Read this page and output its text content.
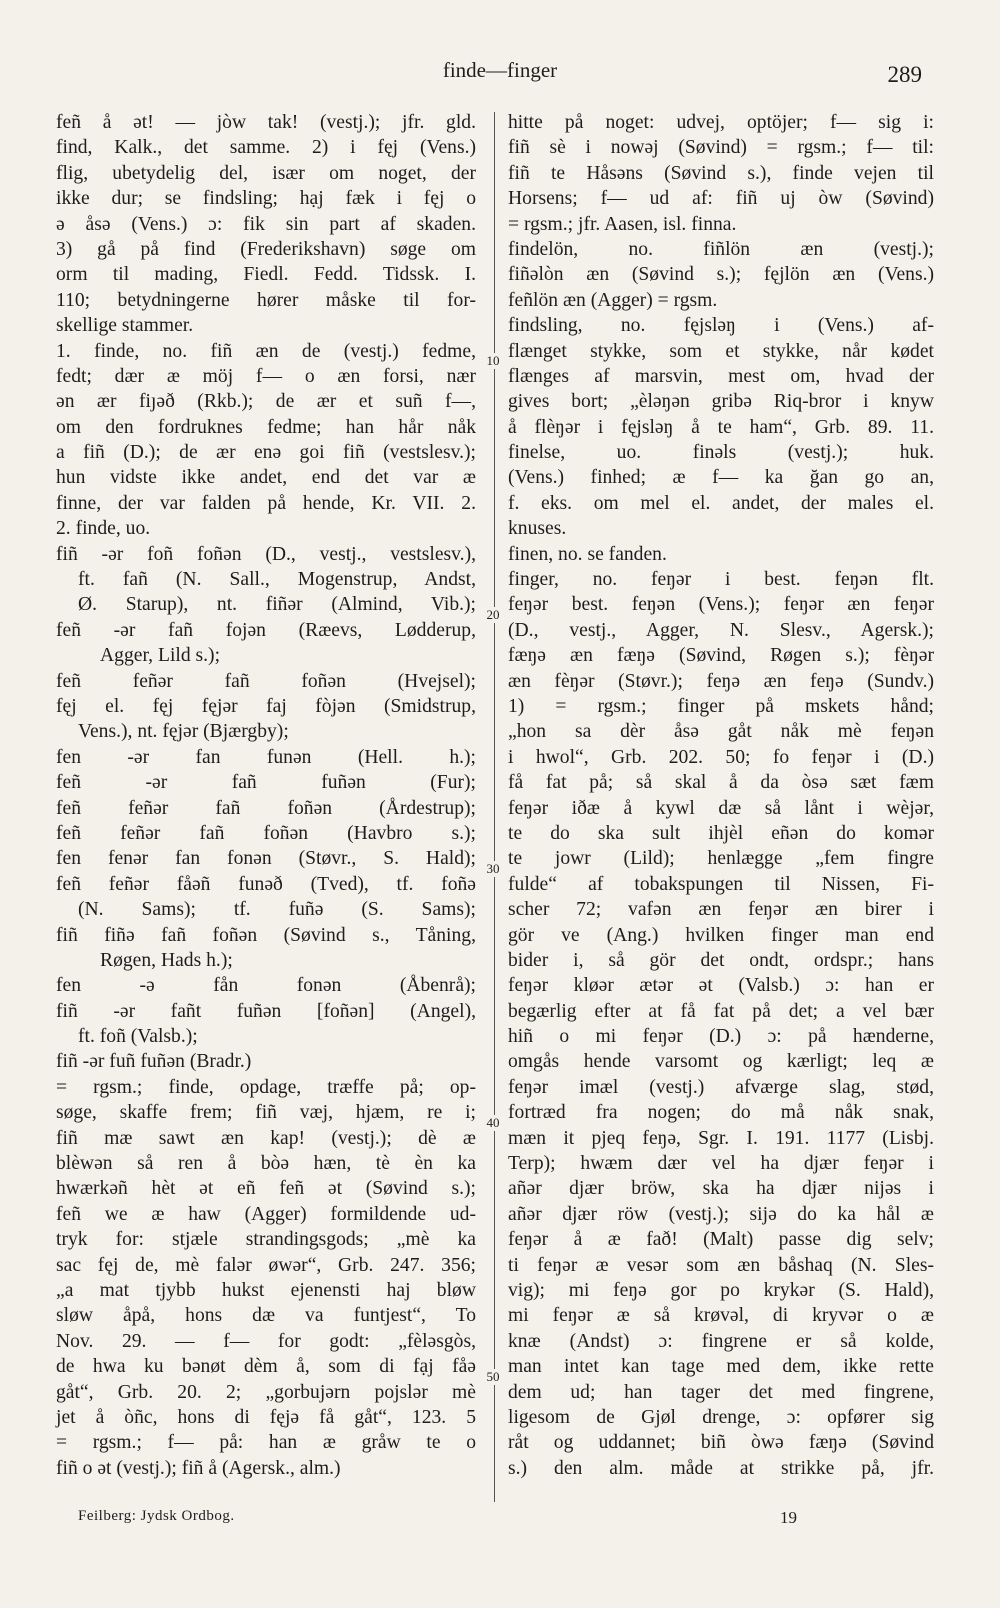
finde—finger	289
feñ å ət! — jòw tak! (vestj.); jfr. gld.
find, Kalk., det samme. 2) i fęj (Vens.)
flig, ubetydelig del, især om noget, der
ikke dur; se findsling; hạj fæk i fęj o
ə åsə (Vens.) ɔ: fik sin part af skaden.
3) gå på find (Frederikshavn) søge om
orm til mading, Fiedl. Fedd. Tidssk. I.
110; betydningerne hører måske til for-
skellige stammer.
1. finde, no. fiñ æn de (vestj.) fedme,
fedt; dær æ möj f— o æn forsi, nær
ən ær fiȷəð (Rkb.); de ær et suñ f—,
om den fordruknes fedme; han hår nåk
a fiñ (D.); de ær enə goi fiñ (vestslesv.);
hun vidste ikke andet, end det var æ
finne, der var falden på hende, Kr. VII. 2.
2. finde, uo.
fiñ -ər foñ foñən (D., vestj., vestslesv.),
ft. fañ (N. Sall., Mogenstrup, Andst,
Ø. Starup), nt. fiñər (Almind, Vib.);
feñ -ər fañ fojən (Ræevs, Lødderup,
Agger, Lild s.);
feñ feñər fañ foñən (Hvejsel);
fęj el. fęj fęjər faj fòjən (Smidstrup,
Vens.), nt. fęjər (Bjærgby);
fen -ər fan funən (Hell. h.);
feñ -ər fañ fuñən (Fur);
feñ feñər fañ foñən (Årdestrup);
feñ feñər fañ foñən (Havbro s.);
fen fenər fan fonən (Støvr., S. Hald);
feñ feñər fåəñ funəð (Tved), tf. foñə
(N. Sams); tf. fuñə (S. Sams);
fiñ fiñə fañ foñən (Søvind s., Tåning,
Røgen, Hads h.);
fen -ə fån fonən (Åbenrå);
fiñ -ər fañt fuñən [foñən] (Angel),
ft. foñ (Valsb.);
fiñ -ər fuñ fuñən (Bradr.)
= rgsm.; finde, opdage, træffe på; op-
søge, skaffe frem; fiñ væj, hjæm, re i;
fiñ mæ sawt æn kap! (vestj.); dè æ
blèwən så ren å bòə hæn, tè èn ka
hwærkəñ hèt ət eñ feñ ət (Søvind s.);
feñ we æ haw (Agger) formildende ud-
tryk for: stjæle strandingsgods; „mè ka
sac fęj de, mè falər øwər“, Grb. 247. 356;
„a mat tjybb hukst ejenensti haj bløw
sløw åpå, hons dæ va funtjest“, To
Nov. 29. — f— for godt: „fèləsgòs,
de hwa ku bənøt dèm å, som di fạj fåə
gåt“, Grb. 20. 2; „gorbujərn pojslər mè
jet å òñc, hons di fęjə få gåt“, 123. 5
= rgsm.; f— på: han æ gråw te o
fiñ o ət (vestj.); fiñ å (Agersk., alm.)
hitte på noget: udvej, optöjer; f— sig i:
fiñ sè i nowəj (Søvind) = rgsm.; f— til:
fiñ te Håsəns (Søvind s.), finde vejen til
Horsens; f— ud af: fiñ uj òw (Søvind)
= rgsm.; jfr. Aasen, isl. finna.
findelön, no. fiñlön æn (vestj.);
fiñəlòn æn (Søvind s.); fęjlön æn (Vens.)
feñlön æn (Agger) = rgsm.
findsling, no. fęjsləŋ i (Vens.) af-
flænget stykke, som et stykke, når kødet
flænges af marsvin, mest om, hvad der
gives bort; „èləŋən gribə Riq-bror i knyw
å flèŋər i fęjsləŋ å te ham“, Grb. 89. 11.
finelse, uo. finəls (vestj.); huk.
(Vens.) finhed; æ f— ka ğan go an,
f. eks. om mel el. andet, der males el.
knuses.
finen, no. se fanden.
finger, no. feŋər i best. feŋən flt.
feŋər best. feŋən (Vens.); feŋər æn feŋər
(D., vestj., Agger, N. Slesv., Agersk.);
fæŋə æn fæŋə (Søvind, Røgen s.); fèŋər
æn fèŋər (Støvr.); feŋə æn feŋə (Sundv.)
1) = rgsm.; finger på mskets hånd;
„hon sa dèr åsə gåt nåk mè feŋən
i hwol“, Grb. 202. 50; fo feŋər i (D.)
få fat på; så skal å da òsə sæt fæm
feŋər iðæ å kywl dæ så lånt i wèjər,
te do ska sult ihjèl eñən do komər
te jowr (Lild); henlægge „fem fingre
fulde“ af tobakspungen til Nissen, Fi-
scher 72; vafən æn feŋər æn birer i
gör ve (Ang.) hvilken finger man end
bider i, så gör det ondt, ordspr.; hans
feŋər kløər ætər ət (Valsb.) ɔ: han er
begærlig efter at få fat på det; a vel bær
hiñ o mi feŋər (D.) ɔ: på hænderne,
omgås hende varsomt og kærligt; leq æ
feŋər imæl (vestj.) afværge slag, stød,
fortræd fra nogen; do må nåk snak,
mæn it pjeq feŋə, Sgr. I. 191. 1177 (Lisbj.
Terp); hwæm dær vel ha djær feŋər i
añər djær bröw, ska ha djær nijəs i
añər djær röw (vestj.); sijə do ka hål æ
feŋər å æ fað! (Malt) passe dig selv;
ti feŋər æ vesər som æn båshaq (N. Sles-
vig); mi feŋə gor po krykər (S. Hald),
mi feŋər æ så krøvəl, di kryvər o æ
knæ (Andst) ɔ: fingrene er så kolde,
man intet kan tage med dem, ikke rette
dem ud; han tager det med fingrene,
ligesom de Gjøl drenge, ɔ: opfører sig
råt og uddannet; biñ òwə fæŋə (Søvind
s.) den alm. måde at strikke på, jfr.
10
20
30
40
50
Feilberg: Jydsk Ordbog.	19
